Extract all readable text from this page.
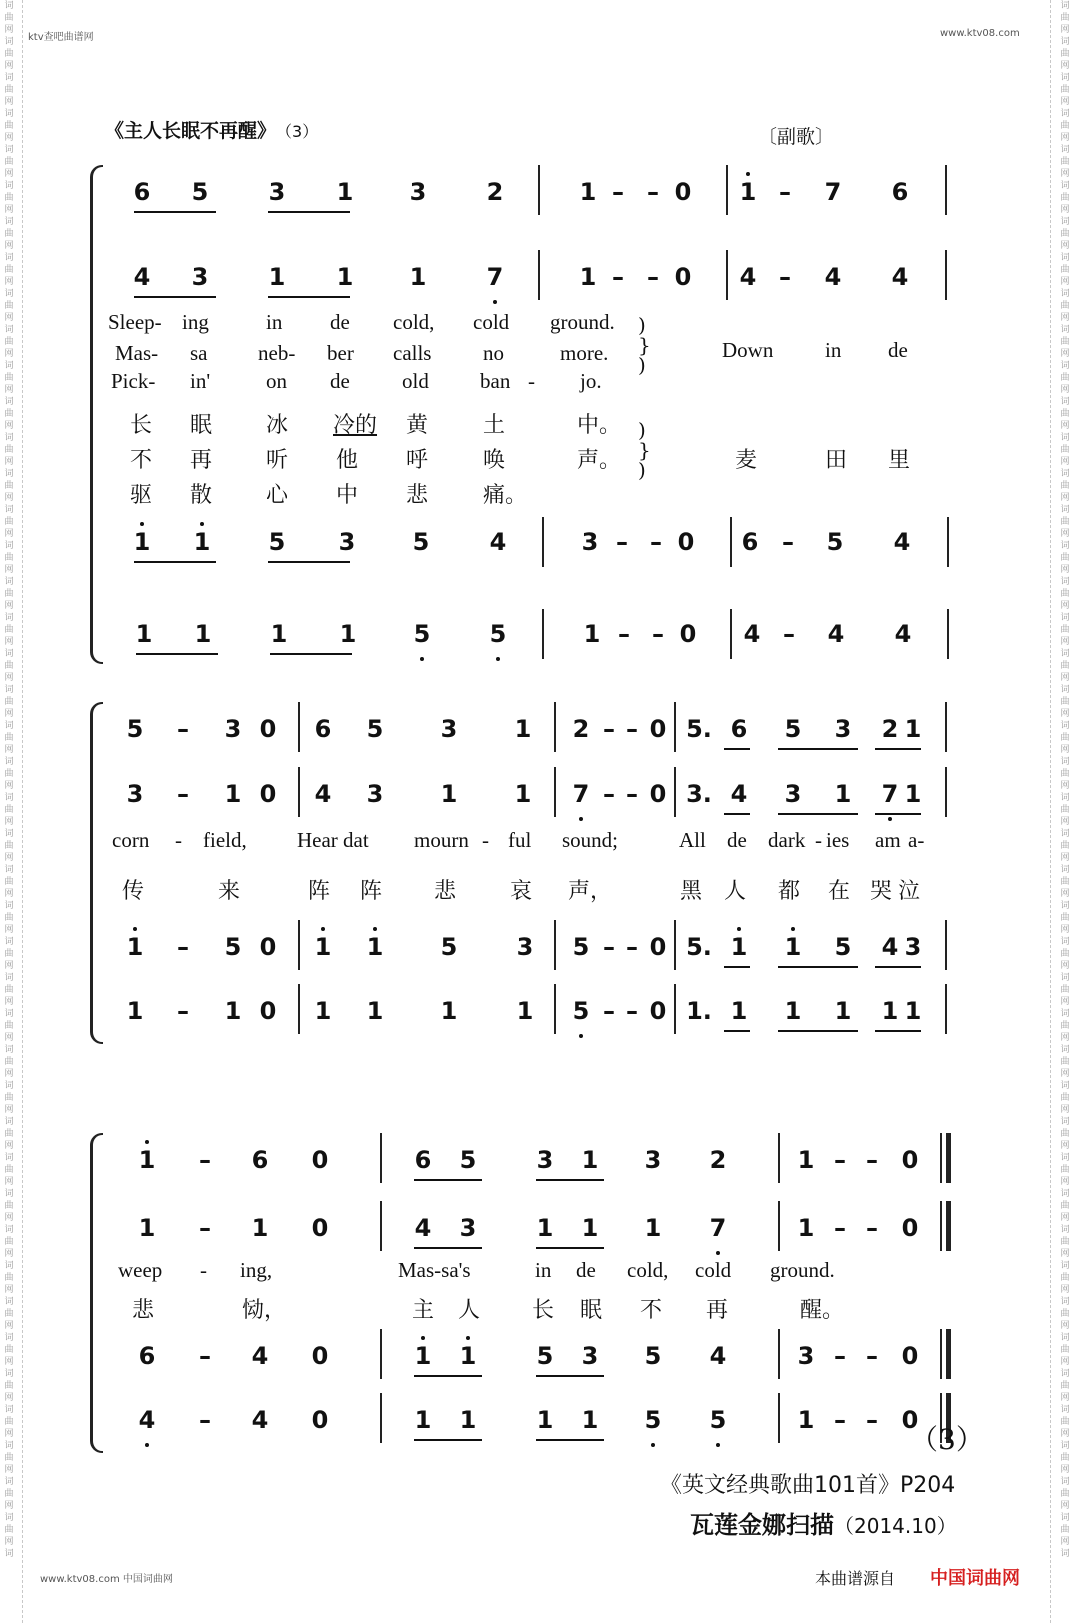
词
曲
网
词
曲
网
词
曲
网
词
曲
网
词
曲
网
词
曲
网
词
曲
网
词
曲
网
词
曲
网
词
曲
网
词
曲
网
词
曲
网
词
曲
网
词
曲
网
词
曲
网
词
曲
网
词
曲
网
词
曲
网
词
曲
网
词
曲
网
词
曲
网
词
曲
网
词
曲
网
词
曲
网
词
曲
网
词
曲
网
词
曲
网
词
曲
网
词
曲
网
词
曲
网
词
曲
网
词
曲
网
词
曲
网
词
曲
网
词
曲
网
词
曲
网
词
曲
网
词
曲
网
词
曲
网
词
曲
网
词
曲
网
词
曲
网
词
曲
网
词
词
曲
网
词
曲
网
词
曲
网
词
曲
网
词
曲
网
词
曲
网
词
曲
网
词
曲
网
词
曲
网
词
曲
网
词
曲
网
词
曲
网
词
曲
网
词
曲
网
词
曲
网
词
曲
网
词
曲
网
词
曲
网
词
曲
网
词
曲
网
词
曲
网
词
曲
网
词
曲
网
词
曲
网
词
曲
网
词
曲
网
词
曲
网
词
曲
网
词
曲
网
词
曲
网
词
曲
网
词
曲
网
词
曲
网
词
曲
网
词
曲
网
词
曲
网
词
曲
网
词
曲
网
词
曲
网
词
曲
网
词
曲
网
词
曲
网
词
曲
网
词
ktv查吧曲谱网	www.ktv08.com
《主人长眠不再醒》 （3）	〔副歌〕
6 5	3 1 3	2	1 – – 0 1 –	7 6
4 3	1 1 1	7	1 – – 0 4 –	4 4
Sleep- ing	in de cold, cold ground.
Mas- sa neb- ber calls no	more.
Pick- in'	on de old ban - jo.
)
}
)
Down in de
长 眠 冰 冷的 黄 土	中。
不 再 听 他 呼 唤	声。
驱 散 心 中 悲 痛。
)
}
)	麦	田 里
1 1 5 3 5	4	3 – – 0 6 –	5 4
1 1 1 1 5 5	1 – – 0 4 –	4 4
5	–	3 0 6 5 3 1 2 – – 0 5. 6 5 3 2 1
3	–	1 0 4 3 1 1 7 – – 0 3. 4 3 1 7 1
corn - field, Hear dat mourn - ful sound;	All de dark - ies am a-
传	来	阵 阵 悲 哀 声，	黑 人 都 在 哭 泣
1	–	5 0 1 1 5 3 5 – – 0 5. 1 1 5 4 3
1	–	1 0 1 1 1 1 5 – – 0 1. 1 1 1 1 1
1	–	6 0	6 5	3 1 3 2	1 – – 0
1	–	1 0	4 3	1 1 1 7	1 – – 0
weep - ing,	Mas-sa's	in de cold, cold ground.
悲	恸，	主 人 长 眠 不 再	醒。
6	–	4 0	1 1	5 3 5 4	3 – – 0
4	–	4 0	1 1	1 1 5 5	1 – – 0
（3）
《英文经典歌曲101首》P204
瓦莲金娜扫描（2014.10）
本曲谱源自 中国词曲网
www.ktv08.com 中国词曲网
